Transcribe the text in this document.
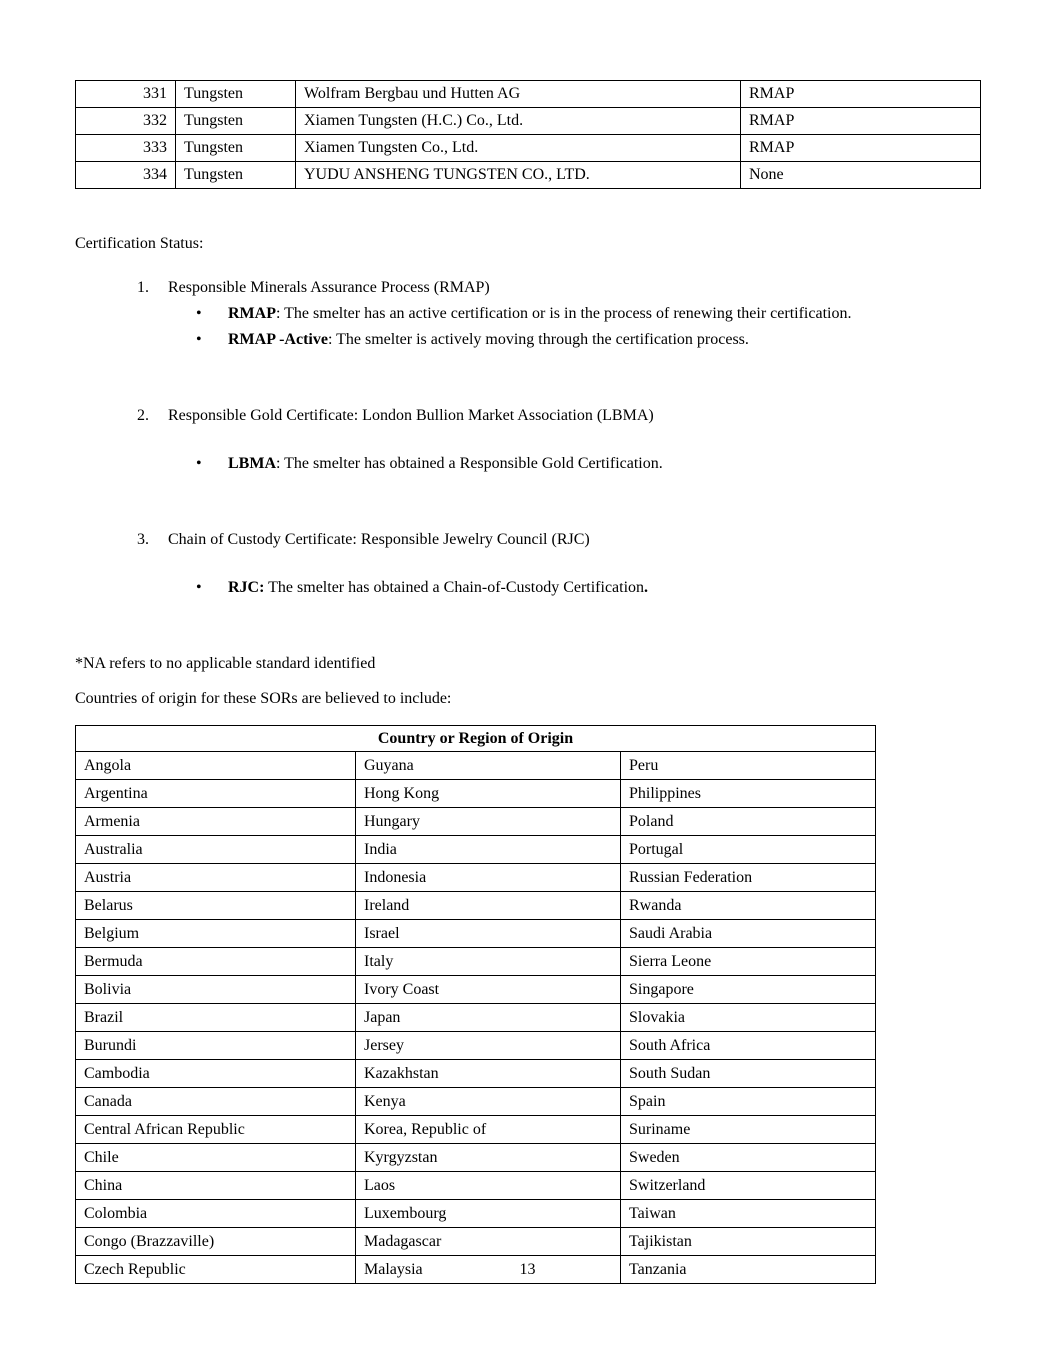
331	Tungsten	Wolfram Bergbau und Hutten AG	RMAP
332	Tungsten	Xiamen Tungsten (H.C.) Co., Ltd.	RMAP
333	Tungsten	Xiamen Tungsten Co., Ltd.	RMAP
334	Tungsten	YUDU ANSHENG TUNGSTEN CO., LTD.	None
Certification Status:
1. Responsible Minerals Assurance Process (RMAP)
• RMAP: The smelter has an active certification or is in the process of renewing their certification.
• RMAP -Active: The smelter is actively moving through the certification process.
2. Responsible Gold Certificate: London Bullion Market Association (LBMA)
• LBMA: The smelter has obtained a Responsible Gold Certification.
3. Chain of Custody Certificate: Responsible Jewelry Council (RJC)
• RJC: The smelter has obtained a Chain-of-Custody Certification.
*NA refers to no applicable standard identified
Countries of origin for these SORs are believed to include:
Country or Region of Origin		
Angola	Guyana	Peru
Argentina	Hong Kong	Philippines
Armenia	Hungary	Poland
Australia	India	Portugal
Austria	Indonesia	Russian Federation
Belarus	Ireland	Rwanda
Belgium	Israel	Saudi Arabia
Bermuda	Italy	Sierra Leone
Bolivia	Ivory Coast	Singapore
Brazil	Japan	Slovakia
Burundi	Jersey	South Africa
Cambodia	Kazakhstan	South Sudan
Canada	Kenya	Spain
Central African Republic	Korea, Republic of	Suriname
Chile	Kyrgyzstan	Sweden
China	Laos	Switzerland
Colombia	Luxembourg	Taiwan
Congo (Brazzaville)	Madagascar	Tajikistan
Czech Republic	Malaysia	Tanzania
13
